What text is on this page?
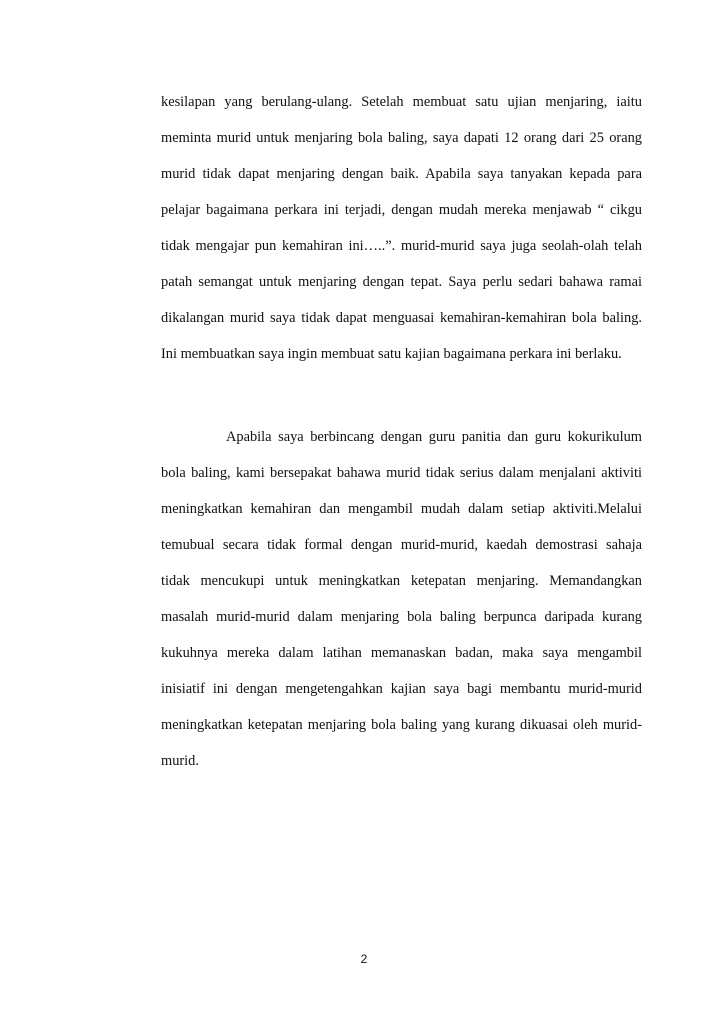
kesilapan yang berulang-ulang. Setelah membuat satu ujian menjaring, iaitu
meminta murid untuk menjaring bola baling, saya dapati 12 orang dari 25 orang
murid tidak dapat menjaring dengan baik. Apabila saya tanyakan kepada para
pelajar bagaimana perkara ini terjadi, dengan mudah mereka menjawab “ cikgu
tidak mengajar pun kemahiran ini…..”. murid-murid saya juga seolah-olah telah
patah semangat untuk menjaring dengan tepat. Saya perlu sedari bahawa ramai
dikalangan murid saya tidak dapat menguasai kemahiran-kemahiran bola baling.
Ini membuatkan saya ingin membuat satu kajian bagaimana perkara ini berlaku.
Apabila saya berbincang dengan guru panitia dan guru kokurikulum
bola baling, kami bersepakat bahawa murid tidak serius dalam menjalani aktiviti
meningkatkan kemahiran dan mengambil mudah dalam setiap aktiviti.Melalui
temubual secara tidak formal dengan murid-murid, kaedah demostrasi sahaja
tidak mencukupi untuk meningkatkan ketepatan menjaring. Memandangkan
masalah murid-murid dalam menjaring bola baling berpunca daripada kurang
kukuhnya mereka dalam latihan memanaskan badan, maka saya mengambil
inisiatif ini dengan mengetengahkan kajian saya bagi membantu murid-murid
meningkatkan ketepatan menjaring bola baling yang kurang dikuasai oleh murid-
murid.
2
